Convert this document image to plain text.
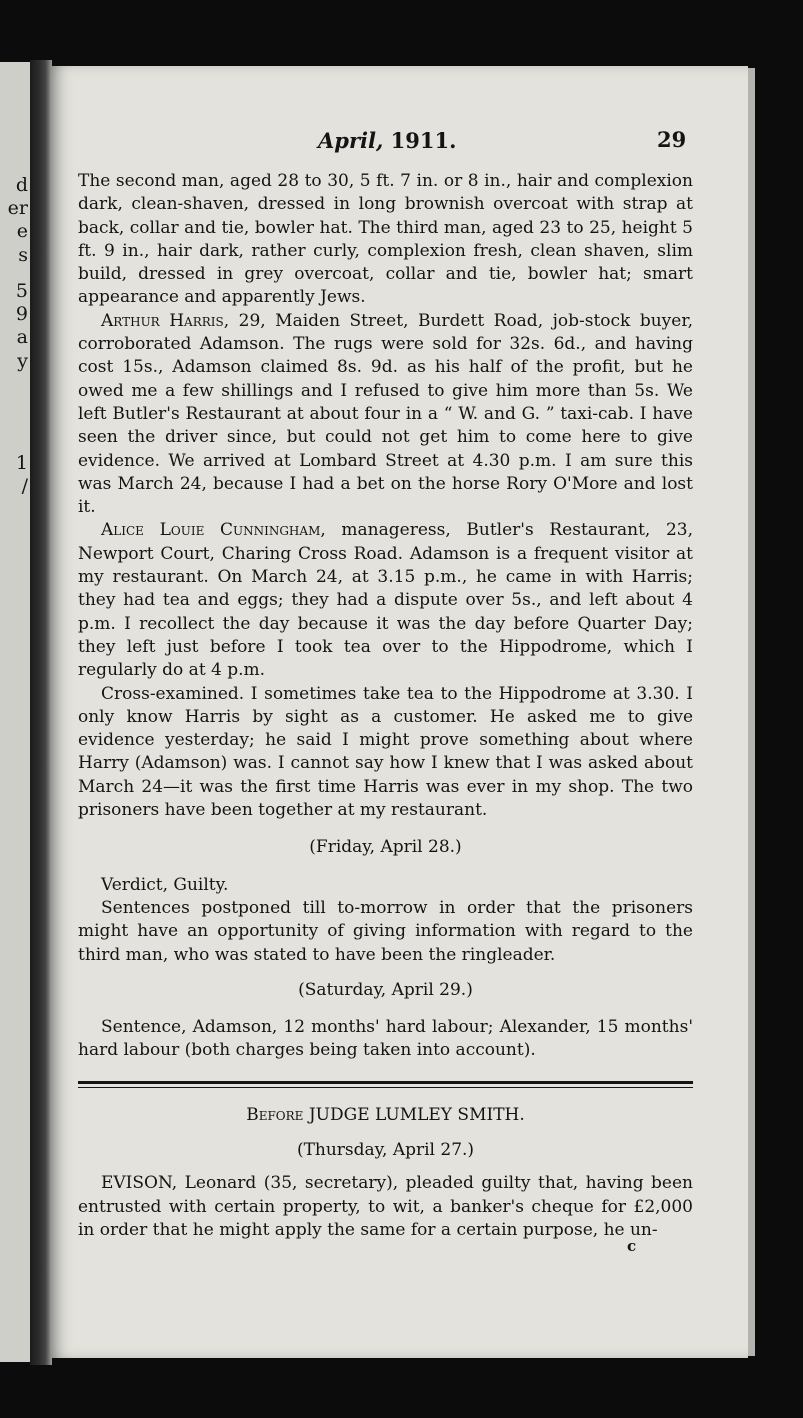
d
er
e
s
5
9
a
y
1
/
April, 1911.	29

The second man, aged 28 to 30, 5 ft. 7 in. or 8 in., hair and complexion dark, clean-shaven, dressed in long brownish overcoat with strap at back, collar and tie, bowler hat. The third man, aged 23 to 25, height 5 ft. 9 in., hair dark, rather curly, complexion fresh, clean shaven, slim build, dressed in grey overcoat, collar and tie, bowler hat; smart appearance and apparently Jews.

Arthur Harris, 29, Maiden Street, Burdett Road, job-stock buyer, corroborated Adamson. The rugs were sold for 32s. 6d., and having cost 15s., Adamson claimed 8s. 9d. as his half of the profit, but he owed me a few shillings and I refused to give him more than 5s. We left Butler's Restaurant at about four in a “ W. and G. ” taxi-cab. I have seen the driver since, but could not get him to come here to give evidence. We arrived at Lombard Street at 4.30 p.m. I am sure this was March 24, because I had a bet on the horse Rory O'More and lost it.

Alice Louie Cunningham, manageress, Butler's Restaurant, 23, Newport Court, Charing Cross Road. Adamson is a frequent visitor at my restaurant. On March 24, at 3.15 p.m., he came in with Harris; they had tea and eggs; they had a dispute over 5s., and left about 4 p.m. I recollect the day because it was the day before Quarter Day; they left just before I took tea over to the Hippodrome, which I regularly do at 4 p.m.

Cross-examined. I sometimes take tea to the Hippodrome at 3.30. I only know Harris by sight as a customer. He asked me to give evidence yesterday; he said I might prove something about where Harry (Adamson) was. I cannot say how I knew that I was asked about March 24—it was the first time Harris was ever in my shop. The two prisoners have been together at my restaurant.

(Friday, April 28.)

Verdict, Guilty.

Sentences postponed till to-morrow in order that the prisoners might have an opportunity of giving information with regard to the third man, who was stated to have been the ringleader.

(Saturday, April 29.)

Sentence, Adamson, 12 months' hard labour; Alexander, 15 months' hard labour (both charges being taken into account).

Before JUDGE LUMLEY SMITH.

(Thursday, April 27.)

EVISON, Leonard (35, secretary), pleaded guilty that, having been entrusted with certain property, to wit, a banker's cheque for £2,000 in order that he might apply the same for a certain purpose, he un-

c
